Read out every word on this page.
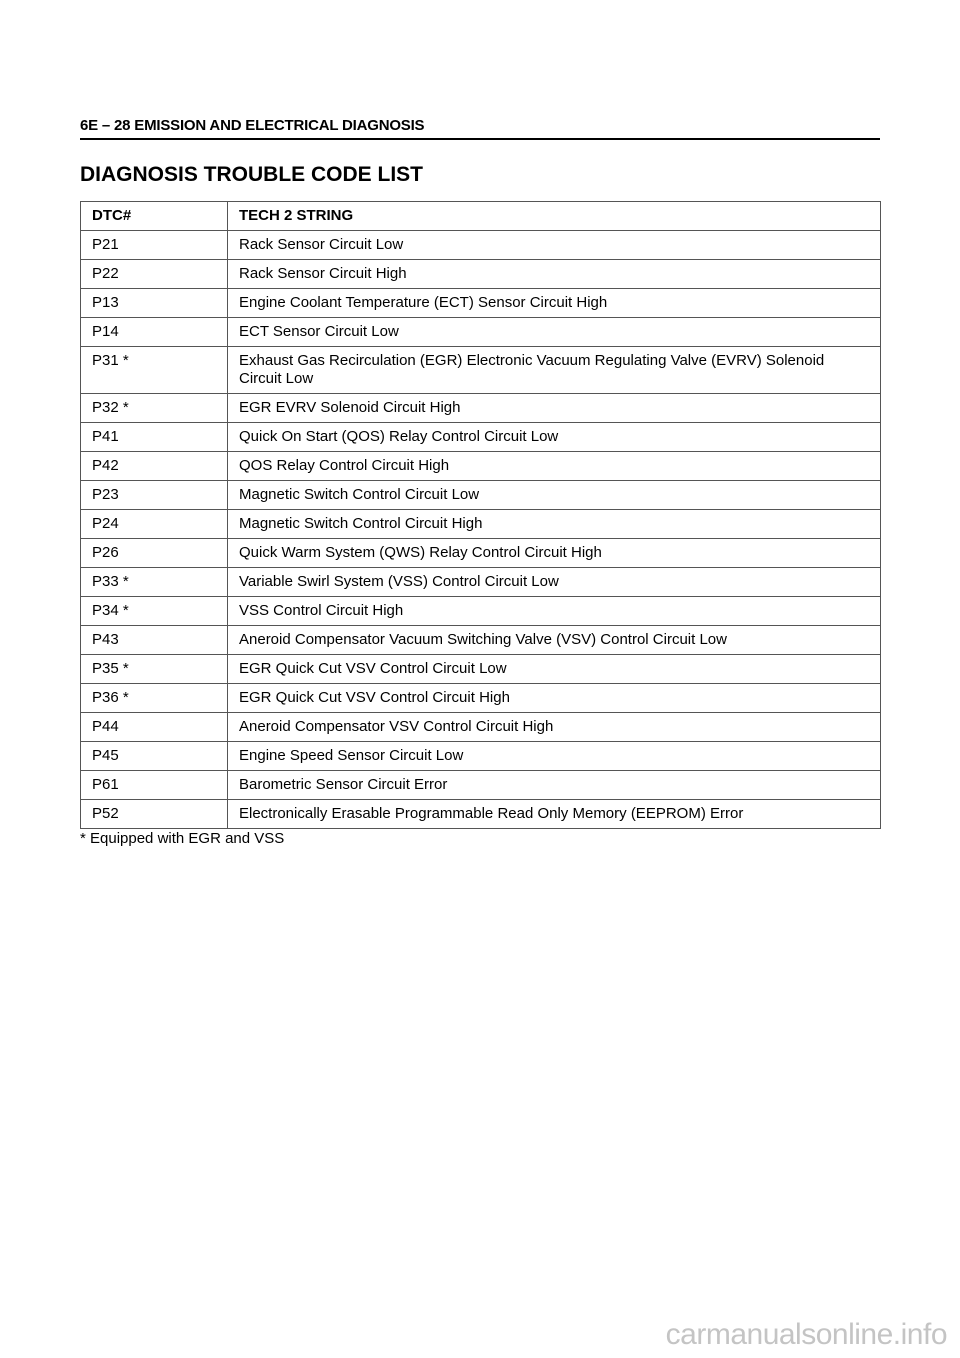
6E – 28 EMISSION AND ELECTRICAL DIAGNOSIS
DIAGNOSIS TROUBLE CODE LIST
DTC#	TECH 2 STRING
P21	Rack Sensor Circuit Low
P22	Rack Sensor Circuit High
P13	Engine Coolant Temperature (ECT) Sensor Circuit High
P14	ECT Sensor Circuit Low
P31 *	Exhaust Gas Recirculation (EGR) Electronic Vacuum Regulating Valve (EVRV) Solenoid Circuit Low
P32 *	EGR EVRV Solenoid Circuit High
P41	Quick On Start (QOS) Relay Control Circuit Low
P42	QOS Relay Control Circuit High
P23	Magnetic Switch Control Circuit Low
P24	Magnetic Switch Control Circuit High
P26	Quick Warm System (QWS) Relay Control Circuit High
P33 *	Variable Swirl System (VSS) Control Circuit Low
P34 *	VSS Control Circuit High
P43	Aneroid Compensator Vacuum Switching Valve (VSV) Control Circuit Low
P35 *	EGR Quick Cut VSV Control Circuit Low
P36 *	EGR Quick Cut VSV Control Circuit High
P44	Aneroid Compensator VSV Control Circuit High
P45	Engine Speed Sensor Circuit Low
P61	Barometric Sensor Circuit Error
P52	Electronically Erasable Programmable Read Only Memory (EEPROM) Error
* Equipped with EGR and VSS
carmanualsonline.info
